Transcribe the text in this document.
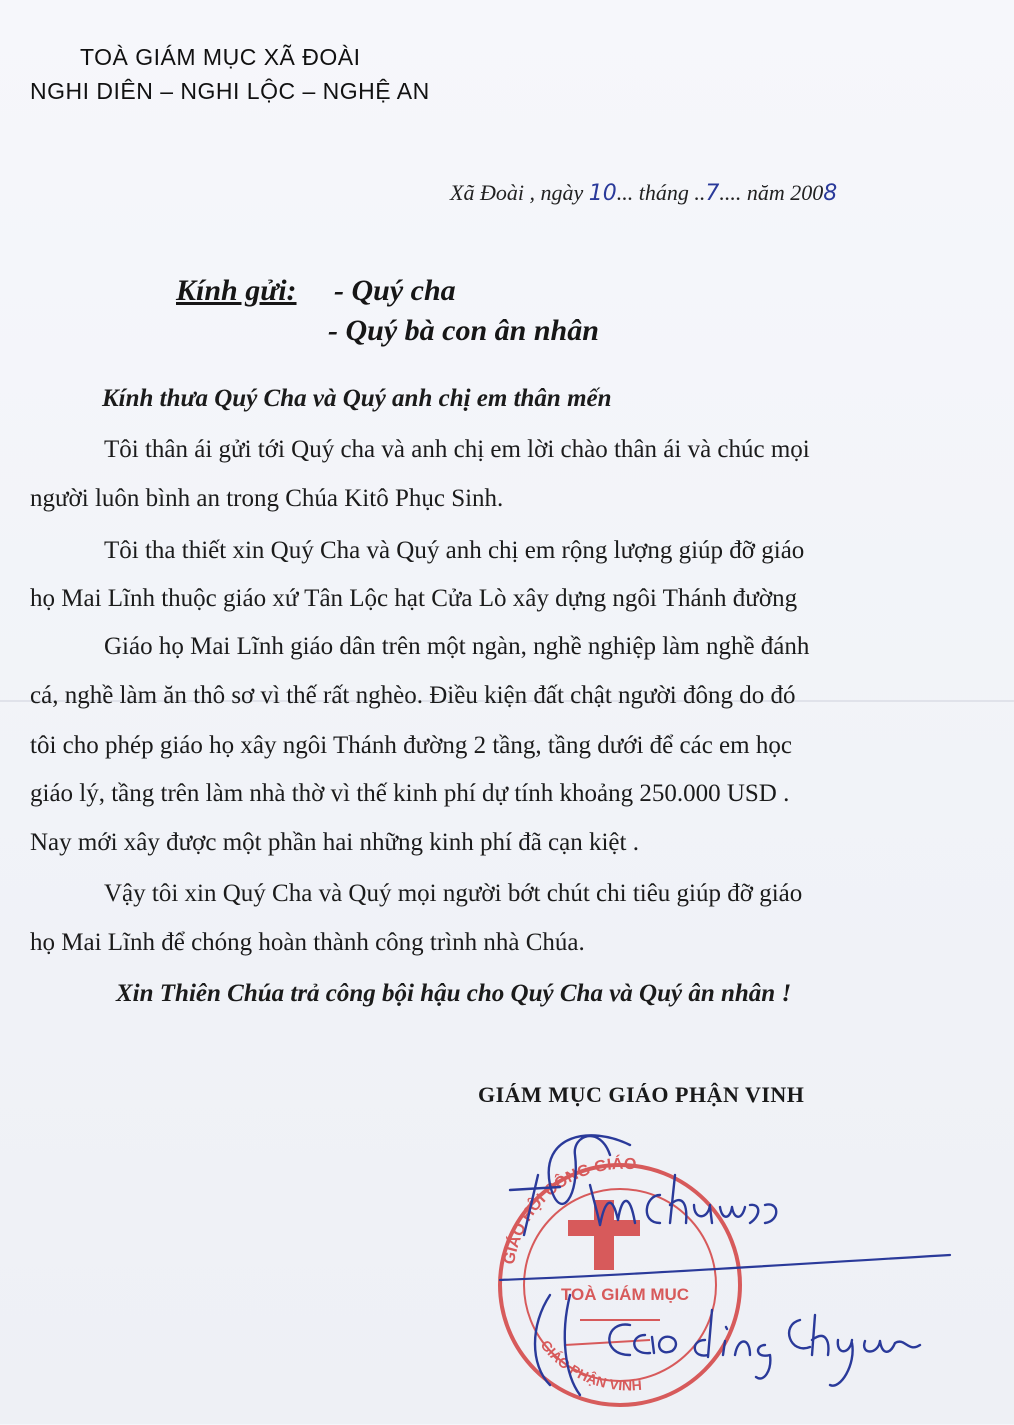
TOÀ GIÁM MỤC XÃ ĐOÀI
NGHI DIÊN – NGHI LỘC – NGHỆ AN
Xã Đoài , ngày 10... tháng ..7.... năm 2008
Kính gửi: - Quý cha
- Quý bà con ân nhân
Kính thưa Quý Cha và Quý anh chị em thân mến
Tôi thân ái gửi tới Quý cha và anh chị em lời chào thân ái và chúc mọi
người luôn bình an trong Chúa Kitô Phục Sinh.
Tôi tha thiết xin Quý Cha và Quý anh chị em rộng lượng giúp đỡ giáo
họ Mai Lĩnh thuộc giáo xứ Tân Lộc hạt Cửa Lò xây dựng ngôi Thánh đường
Giáo họ Mai Lĩnh giáo dân trên một ngàn, nghề nghiệp làm nghề đánh
cá, nghề làm ăn thô sơ vì thế rất nghèo. Điều kiện đất chật người đông do đó
tôi cho phép giáo họ xây ngôi Thánh đường 2 tầng, tầng dưới để các em học
giáo lý, tầng trên làm nhà thờ vì thế kinh phí dự tính khoảng 250.000 USD .
Nay mới xây được một phần hai những kinh phí đã cạn kiệt .
Vậy tôi xin Quý Cha và Quý mọi người bớt chút chi tiêu giúp đỡ giáo
họ Mai Lĩnh để chóng hoàn thành công trình nhà Chúa.
Xin Thiên Chúa trả công bội hậu cho Quý Cha và Quý ân nhân !
GIÁM MỤC GIÁO PHẬN VINH
GIÁO HỘI CÔNG GIÁO
GIÁO PHẬN VINH
TOÀ GIÁM MỤC
Cao Đình Thuyên
